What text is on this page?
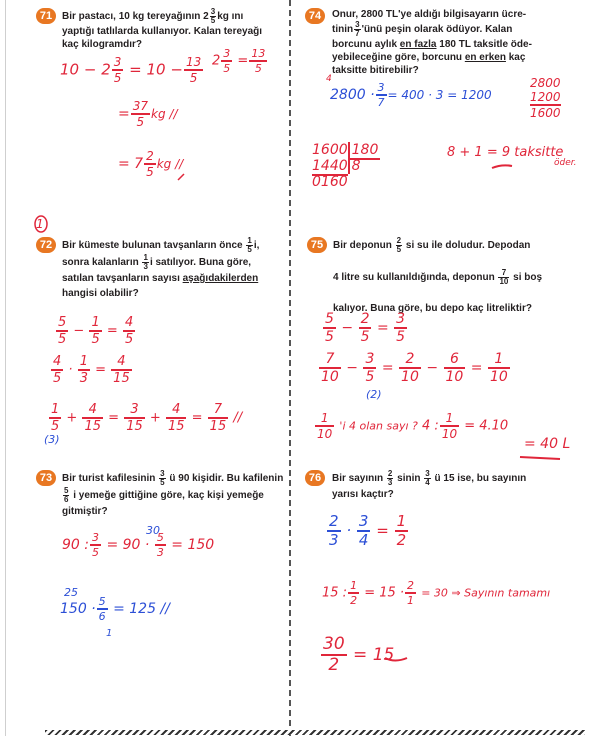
71 Bir pastacı, 10 kg tereyağının $2 \frac{3}{5}$ kg ını
yaptığı tatlılarda kullanıyor. Kalan tereyağı
kaç kilogramdır?
$10 - 2 \frac{3}{5} = 10 - \frac{13}{5} 2 \frac{3}{5} = \frac{13}{5}$
= $\frac{37}{5}$ kg //
= $7 \frac{2}{5}$ kg //
74	Onur, 2800 TL'ye aldığı bilgisayarın ücre-
tinin $\frac{3}{7}$ 'ünü peşin olarak ödüyor. Kalan
borcunu aylık en fazla 180 TL taksitle öde-
yebileceğine göre, borcunu en erken kaç
taksitte bitirebilir?
4
$2800 \cdot \frac{3}{7} = 400 \cdot 3 = 1200$
2800
1200
1600
1600 180
1440 8
0160
8 + 1 = 9 taksitte
öder.
1
72 Bir kümeste bulunan tavşanların önce $\frac{1}{5} i$,
sonra kalanların $\frac{1}{3}$ i satılıyor. Buna göre,
satılan tavşanların sayısı aşağıdakilerden
hangisi olabilir?
$\frac{5}{5} - \frac{1}{5} = \frac{4}{5}$
$\frac{4}{5} \cdot \frac{1}{3} = \frac{4}{15}$
$\frac{1}{5} + \frac{4}{15} = \frac{3}{15} + \frac{4}{15} = \frac{7}{15}$ //
(3)
75 Bir deponun $\frac{2}{5}$ si su ile doludur. Depodan

4 litre su kullanıldığında, deponun $\frac{7}{10}$ si boş

kalıyor. Buna göre, bu depo kaç litreliktir?
$\frac{5}{5} - \frac{2}{5} = \frac{3}{5}$
$\frac{7}{10} - \frac{3}{5} = \frac{2}{10} - \frac{6}{10} = \frac{1}{10}$
(2)
$\frac{1}{10}$ 'i 4 olan sayı ? 4 : $\frac{1}{10} = 4.10$
= 40 L
73 Bir turist kafilesinin $\frac{3}{5}$ ü 90 kişidir. Bu kafilenin

$\frac{5}{6}$ i yemeğe gittiğine göre, kaç kişi yemeğe
gitmiştir?
30
90 : $\frac{3}{5} = 90 \cdot \frac{5}{3} = 150$
25
$150 \cdot \frac{5}{6} = 125$ //
1
76	Bir sayının $\frac{2}{3}$ sinin $\frac{3}{4}$ ü 15 ise, bu sayının
yarısı kaçtır?
$\frac{2}{3} \cdot \frac{3}{4} = \frac{1}{2}$
15 : $\frac{1}{2} = 15 \cdot \frac{2}{1} = 30$ ⇒ Sayının tamamı
$\frac{30}{2} = 15$
